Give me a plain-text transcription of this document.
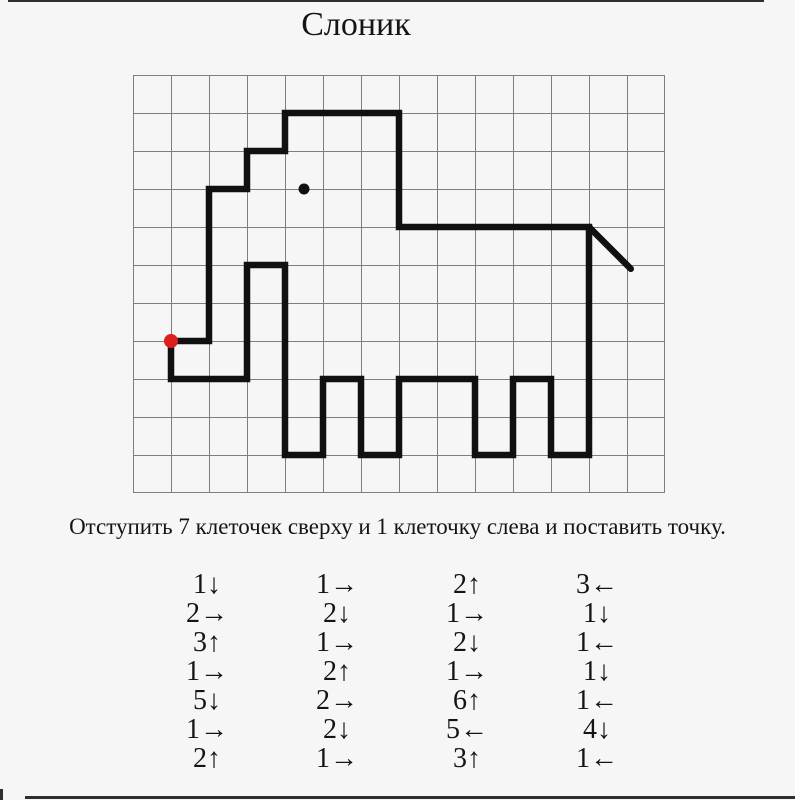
Слоник

Отступить 7 клеточек сверху и 1 клеточку слева и поставить точку.

1↓
2→
3↑
1→
5↓
1→
2↑
1→
2↓
1→
2↑
2→
2↓
1→
2↑
1→
2↓
1→
6↑
5←
3↑
3←
1↓
1←
1↓
1←
4↓
1←
